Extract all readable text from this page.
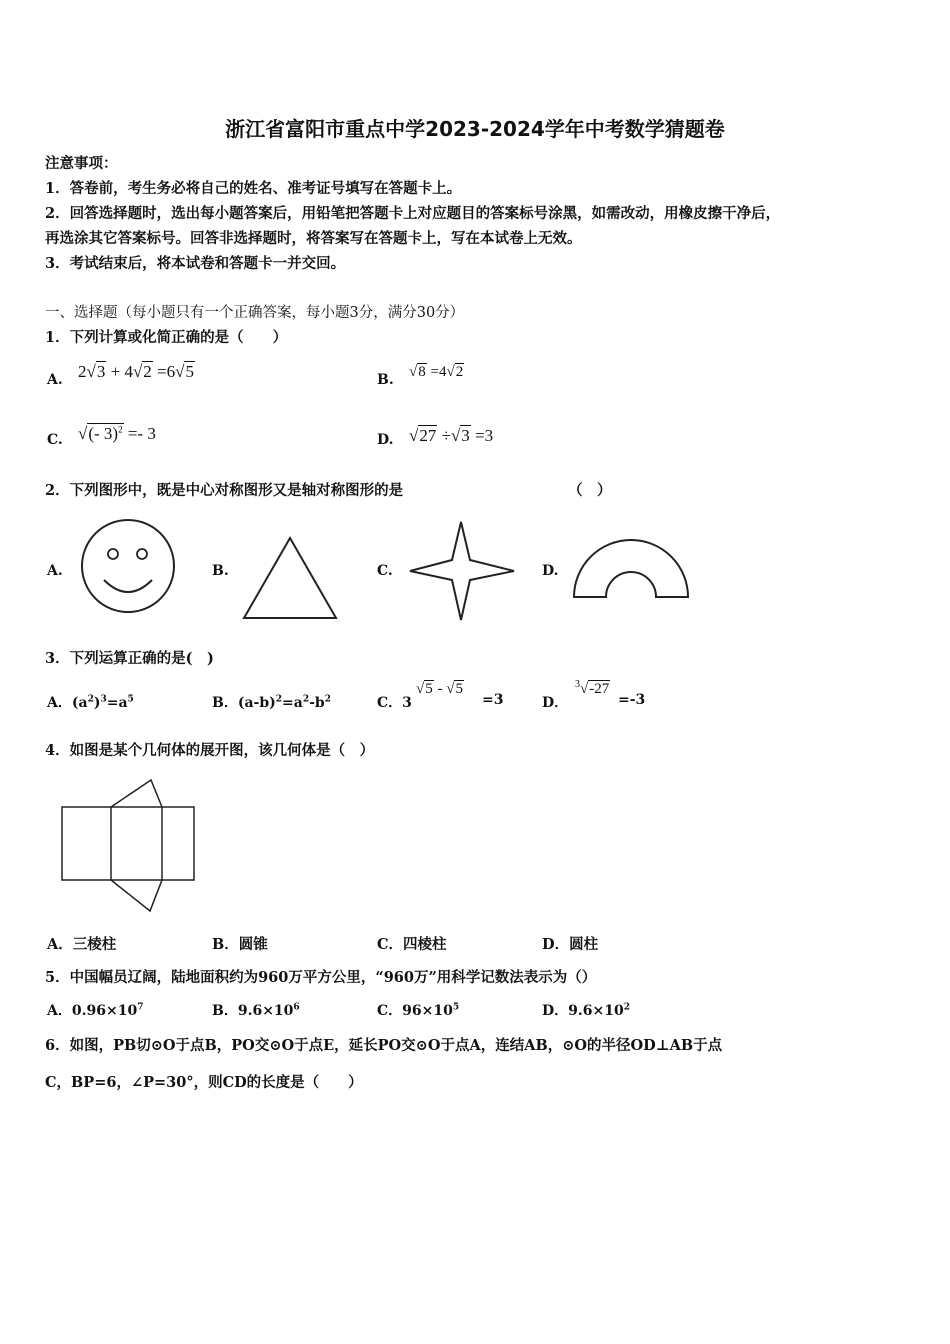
浙江省富阳市重点中学2023-2024学年中考数学猜题卷
注意事项：
1．答卷前，考生务必将自己的姓名、准考证号填写在答题卡上。
2．回答选择题时，选出每小题答案后，用铅笔把答题卡上对应题目的答案标号涂黑，如需改动，用橡皮擦干净后，
再选涂其它答案标号。回答非选择题时，将答案写在答题卡上，写在本试卷上无效。
3．考试结束后，将本试卷和答题卡一并交回。
一、选择题（每小题只有一个正确答案，每小题3分，满分30分）
1．下列计算或化简正确的是（　　）
A. 2√3 + 4√2 =6√5	B. √8 =4√2
C. √(- 3)$^2$ =- 3	D. √27 ÷√3 =3
2．下列图形中，既是中心对称图形又是轴对称图形的是	（　）
A.	B.	C.	D.
3．下列运算正确的是(　)
A．$(a^2)^3=a^5$	B．$(a-b)^2=a^2-b^2$	C．3
√5 - √5
=3	D．
$^3$√-27
=-3
4．如图是某个几何体的展开图，该几何体是（　）
A．三棱柱	B．圆锥	C．四棱柱	D．圆柱
5．中国幅员辽阔，陆地面积约为960万平方公里，“960万”用科学记数法表示为（）
A．$0.96\times 10^7$	B．$9.6\times 10^6$	C．$96\times 10^5$	D．$9.6\times 10^2$
6．如图，PB切⊙O于点B，PO交⊙O于点E，延长PO交⊙O于点A，连结AB，⊙O的半径OD⊥AB于点
C，BP=6，∠P=30°，则CD的长度是（　　）
